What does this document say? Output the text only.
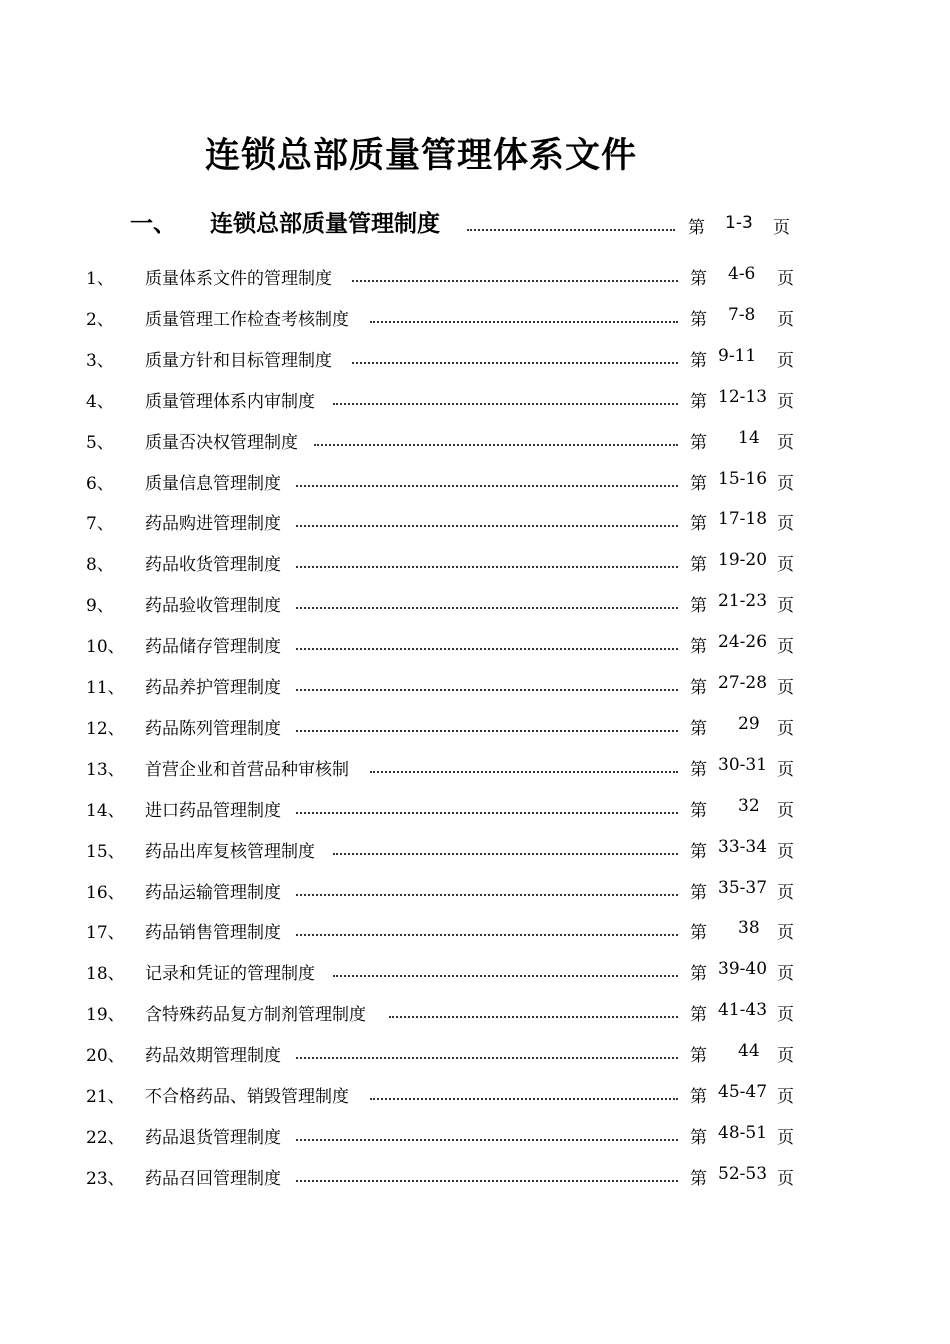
连锁总部质量管理体系文件
一、 连锁总部质量管理制度	第 1-3 页
1、 质量体系文件的管理制度	第 4-6 页
2、 质量管理工作检查考核制度	第 7-8 页
3、 质量方针和目标管理制度	第 9-11 页
4、 质量管理体系内审制度	第 12-13 页
5、 质量否决权管理制度	第 14 页
6、 质量信息管理制度	第 15-16 页
7、 药品购进管理制度	第 17-18 页
8、 药品收货管理制度	第 19-20 页
9、 药品验收管理制度	第 21-23 页
10、 药品储存管理制度	第 24-26 页
11、 药品养护管理制度	第 27-28 页
12、 药品陈列管理制度	第 29 页
13、 首营企业和首营品种审核制	第 30-31 页
14、 进口药品管理制度	第 32 页
15、 药品出库复核管理制度	第 33-34 页
16、 药品运输管理制度	第 35-37 页
17、 药品销售管理制度	第 38 页
18、 记录和凭证的管理制度	第 39-40 页
19、 含特殊药品复方制剂管理制度	第 41-43 页
20、 药品效期管理制度	第 44 页
21、 不合格药品、销毁管理制度	第 45-47 页
22、 药品退货管理制度	第 48-51 页
23、 药品召回管理制度	第 52-53 页
